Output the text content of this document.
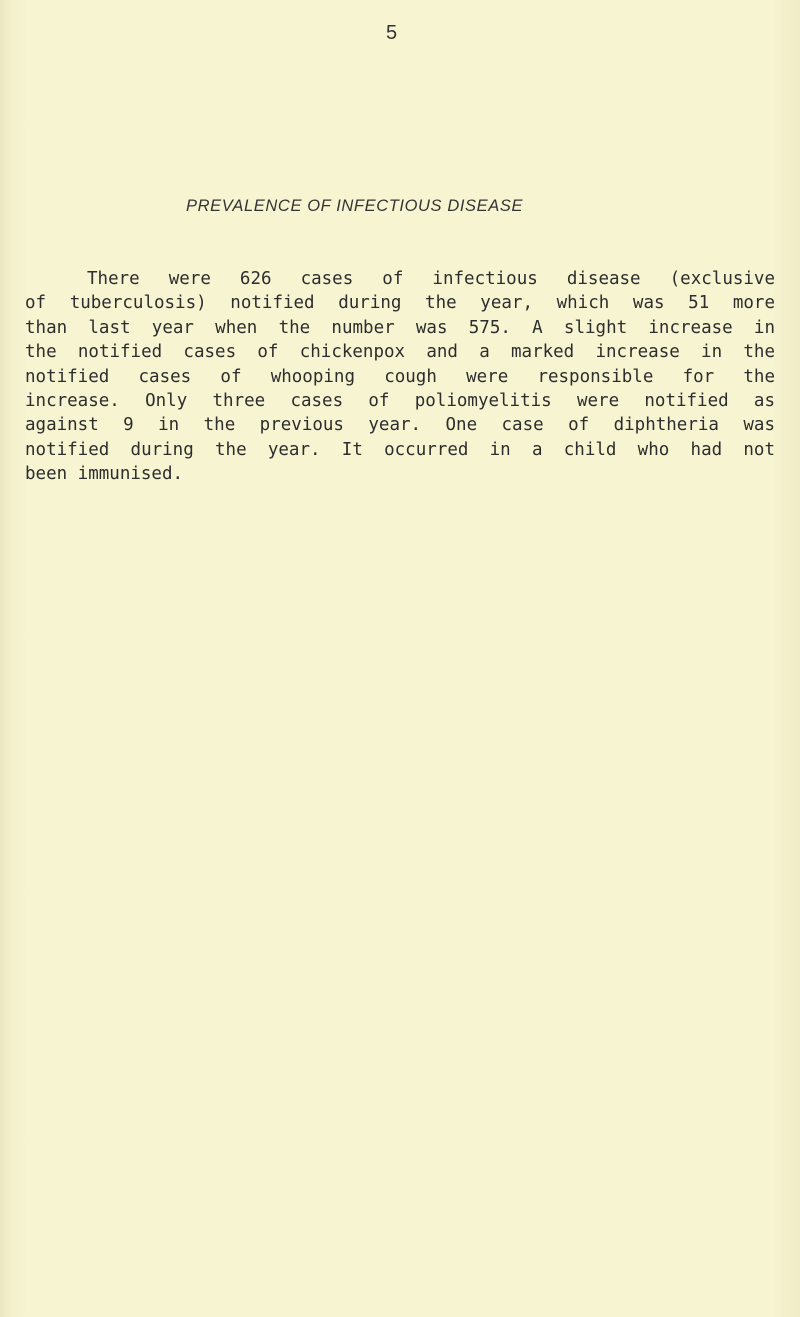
5
PREVALENCE OF INFECTIOUS DISEASE
There were 626 cases of infectious disease (exclusive
of tuberculosis) notified during the year, which was 51 more
than last year when the number was 575. A slight increase in
the notified cases of chickenpox and a marked increase in the
notified cases of whooping cough were responsible for the
increase. Only three cases of poliomyelitis were notified as
against 9 in the previous year. One case of diphtheria was
notified during the year. It occurred in a child who had not
been immunised.
